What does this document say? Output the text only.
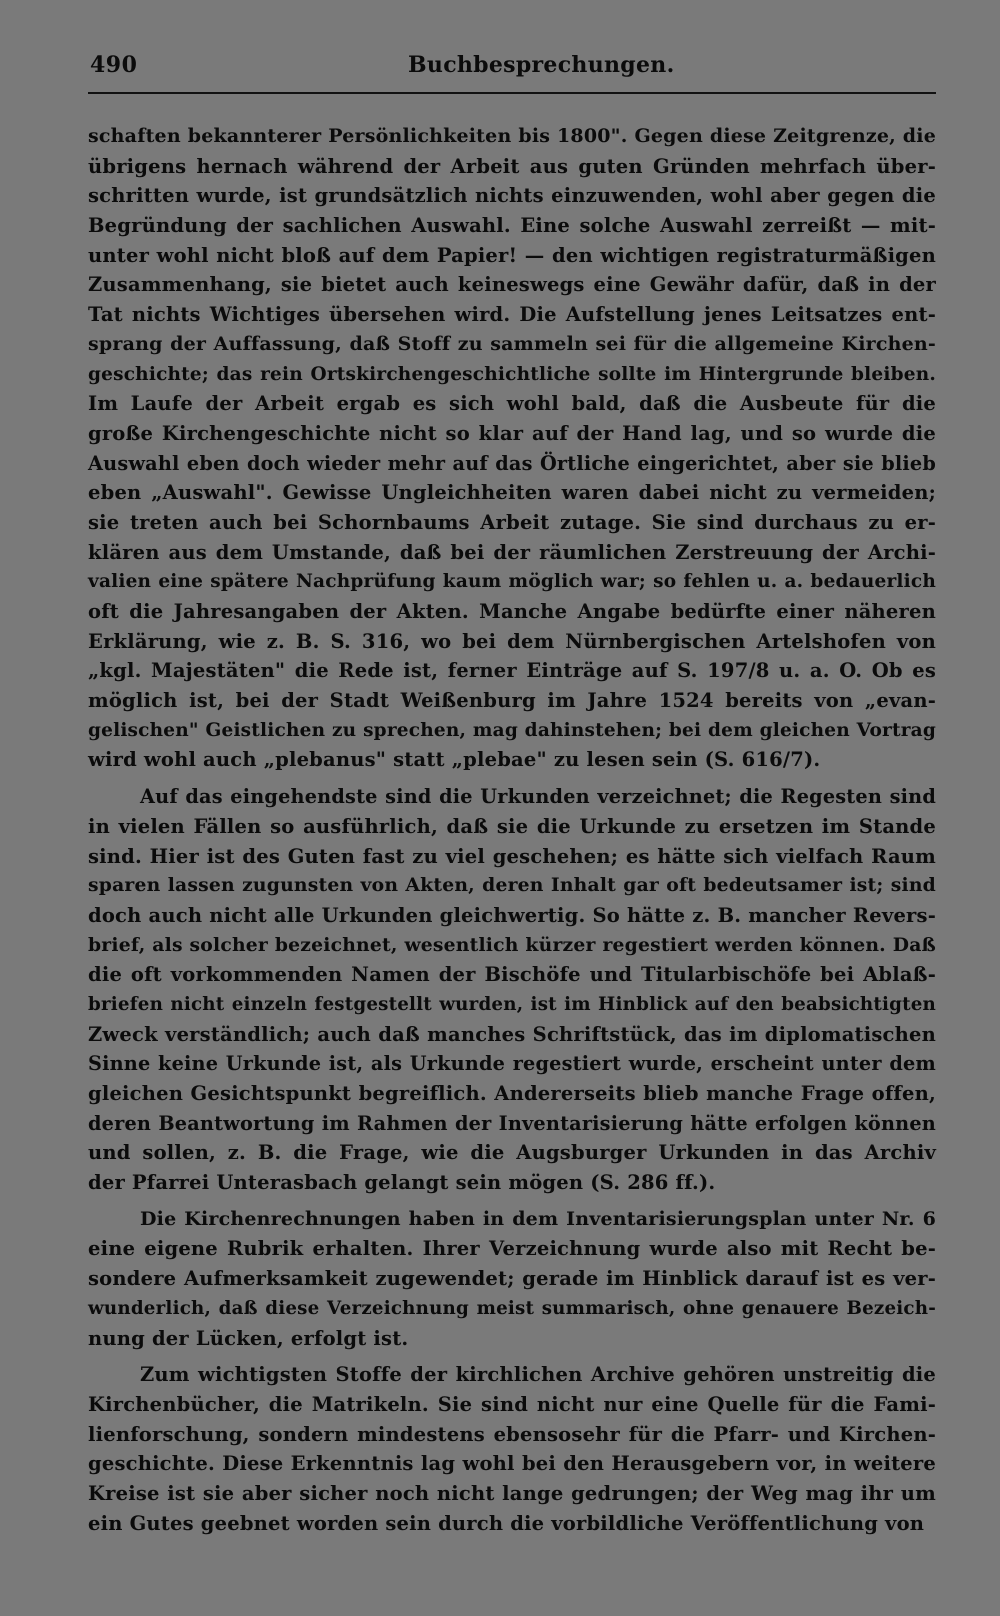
490	Buchbesprechungen.
schaften bekannterer Persönlichkeiten bis 1800". Gegen diese Zeitgrenze, die
übrigens hernach während der Arbeit aus guten Gründen mehrfach über-
schritten wurde, ist grundsätzlich nichts einzuwenden, wohl aber gegen die
Begründung der sachlichen Auswahl. Eine solche Auswahl zerreißt — mit-
unter wohl nicht bloß auf dem Papier! — den wichtigen registraturmäßigen
Zusammenhang, sie bietet auch keineswegs eine Gewähr dafür, daß in der
Tat nichts Wichtiges übersehen wird. Die Aufstellung jenes Leitsatzes ent-
sprang der Auffassung, daß Stoff zu sammeln sei für die allgemeine Kirchen-
geschichte; das rein Ortskirchengeschichtliche sollte im Hintergrunde bleiben.
Im Laufe der Arbeit ergab es sich wohl bald, daß die Ausbeute für die
große Kirchengeschichte nicht so klar auf der Hand lag, und so wurde die
Auswahl eben doch wieder mehr auf das Örtliche eingerichtet, aber sie blieb
eben „Auswahl". Gewisse Ungleichheiten waren dabei nicht zu vermeiden;
sie treten auch bei Schornbaums Arbeit zutage. Sie sind durchaus zu er-
klären aus dem Umstande, daß bei der räumlichen Zerstreuung der Archi-
valien eine spätere Nachprüfung kaum möglich war; so fehlen u. a. bedauerlich
oft die Jahresangaben der Akten. Manche Angabe bedürfte einer näheren
Erklärung, wie z. B. S. 316, wo bei dem Nürnbergischen Artelshofen von
„kgl. Majestäten" die Rede ist, ferner Einträge auf S. 197/8 u. a. O. Ob es
möglich ist, bei der Stadt Weißenburg im Jahre 1524 bereits von „evan-
gelischen" Geistlichen zu sprechen, mag dahinstehen; bei dem gleichen Vortrag
wird wohl auch „plebanus" statt „plebae" zu lesen sein (S. 616/7).
Auf das eingehendste sind die Urkunden verzeichnet; die Regesten sind
in vielen Fällen so ausführlich, daß sie die Urkunde zu ersetzen im Stande
sind. Hier ist des Guten fast zu viel geschehen; es hätte sich vielfach Raum
sparen lassen zugunsten von Akten, deren Inhalt gar oft bedeutsamer ist; sind
doch auch nicht alle Urkunden gleichwertig. So hätte z. B. mancher Revers-
brief, als solcher bezeichnet, wesentlich kürzer regestiert werden können. Daß
die oft vorkommenden Namen der Bischöfe und Titularbischöfe bei Ablaß-
briefen nicht einzeln festgestellt wurden, ist im Hinblick auf den beabsichtigten
Zweck verständlich; auch daß manches Schriftstück, das im diplomatischen
Sinne keine Urkunde ist, als Urkunde regestiert wurde, erscheint unter dem
gleichen Gesichtspunkt begreiflich. Andererseits blieb manche Frage offen,
deren Beantwortung im Rahmen der Inventarisierung hätte erfolgen können
und sollen, z. B. die Frage, wie die Augsburger Urkunden in das Archiv
der Pfarrei Unterasbach gelangt sein mögen (S. 286 ff.).
Die Kirchenrechnungen haben in dem Inventarisierungsplan unter Nr. 6
eine eigene Rubrik erhalten. Ihrer Verzeichnung wurde also mit Recht be-
sondere Aufmerksamkeit zugewendet; gerade im Hinblick darauf ist es ver-
wunderlich, daß diese Verzeichnung meist summarisch, ohne genauere Bezeich-
nung der Lücken, erfolgt ist.
Zum wichtigsten Stoffe der kirchlichen Archive gehören unstreitig die
Kirchenbücher, die Matrikeln. Sie sind nicht nur eine Quelle für die Fami-
lienforschung, sondern mindestens ebensosehr für die Pfarr- und Kirchen-
geschichte. Diese Erkenntnis lag wohl bei den Herausgebern vor, in weitere
Kreise ist sie aber sicher noch nicht lange gedrungen; der Weg mag ihr um
ein Gutes geebnet worden sein durch die vorbildliche Veröffentlichung von
